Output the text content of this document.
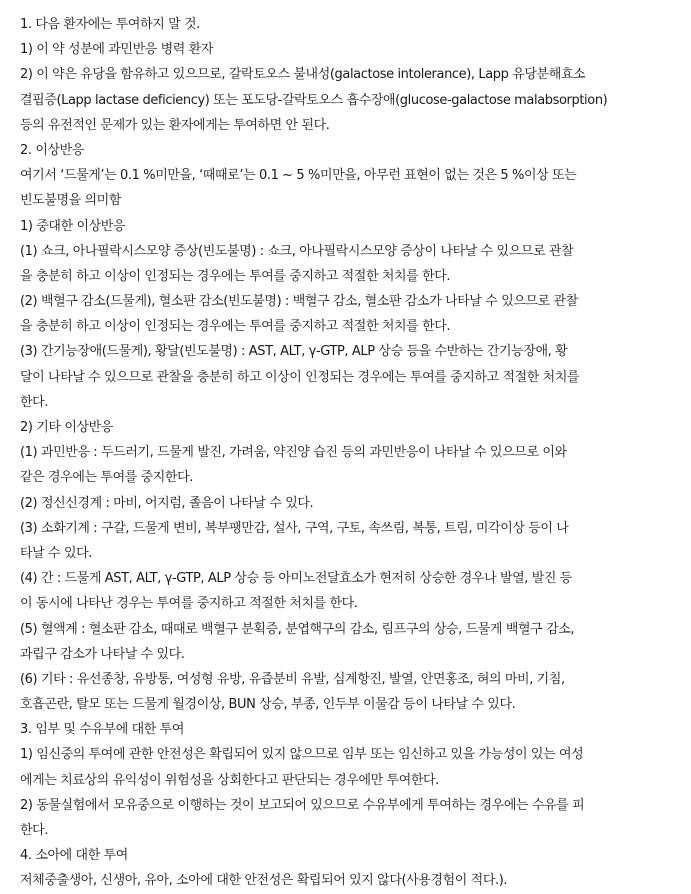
1. 다음 환자에는 투여하지 말 것.
1) 이 약 성분에 과민반응 병력 환자
2) 이 약은 유당을 함유하고 있으므로, 갈락토오스 불내성(galactose intolerance), Lapp 유당분해효소
결핍증(Lapp lactase deficiency) 또는 포도당-갈락토오스 흡수장애(glucose-galactose malabsorption)
등의 유전적인 문제가 있는 환자에게는 투여하면 안 된다.
2. 이상반응
여기서 ‘드물게’는 0.1 %미만을, ‘때때로’는 0.1 ~ 5 %미만을, 아무런 표현이 없는 것은 5 %이상 또는
빈도불명을 의미함
1) 중대한 이상반응
(1) 쇼크, 아나필락시스모양 증상(빈도불명) : 쇼크, 아나필락시스모양 증상이 나타날 수 있으므로 관찰
을 충분히 하고 이상이 인정되는 경우에는 투여를 중지하고 적절한 처치를 한다.
(2) 백혈구 감소(드물게), 혈소판 감소(빈도불명) : 백혈구 감소, 혈소판 감소가 나타날 수 있으므로 관찰
을 충분히 하고 이상이 인정되는 경우에는 투여를 중지하고 적절한 처치를 한다.
(3) 간기능장애(드물게), 황달(빈도불명) : AST, ALT, γ-GTP, ALP 상승 등을 수반하는 간기능장애, 황
달이 나타날 수 있으므로 관찰을 충분히 하고 이상이 인정되는 경우에는 투여를 중지하고 적절한 처치를
한다.
2) 기타 이상반응
(1) 과민반응 : 두드러기, 드물게 발진, 가려움, 약진양 습진 등의 과민반응이 나타날 수 있으므로 이와
같은 경우에는 투여를 중지한다.
(2) 정신신경계 : 마비, 어지럼, 졸음이 나타날 수 있다.
(3) 소화기계 : 구갈, 드물게 변비, 복부팽만감, 설사, 구역, 구토, 속쓰림, 복통, 트림, 미각이상 등이 나
타날 수 있다.
(4) 간 : 드물게 AST, ALT, γ-GTP, ALP 상승 등 아미노전달효소가 현저히 상승한 경우나 발열, 발진 등
이 동시에 나타난 경우는 투여를 중지하고 적절한 처치를 한다.
(5) 혈액계 : 혈소판 감소, 때때로 백혈구 분획증, 분엽핵구의 감소, 림프구의 상승, 드물게 백혈구 감소,
과립구 감소가 나타날 수 있다.
(6) 기타 : 유선종창, 유방통, 여성형 유방, 유즙분비 유발, 심계항진, 발열, 안면홍조, 혀의 마비, 기침,
호흡곤란, 탈모 또는 드물게 월경이상, BUN 상승, 부종, 인두부 이물감 등이 나타날 수 있다.
3. 임부 및 수유부에 대한 투여
1) 임신중의 투여에 관한 안전성은 확립되어 있지 않으므로 임부 또는 임신하고 있을 가능성이 있는 여성
에게는 치료상의 유익성이 위험성을 상회한다고 판단되는 경우에만 투여한다.
2) 동물실험에서 모유중으로 이행하는 것이 보고되어 있으므로 수유부에게 투여하는 경우에는 수유를 피
한다.
4. 소아에 대한 투여
저체중출생아, 신생아, 유아, 소아에 대한 안전성은 확립되어 있지 않다(사용경험이 적다.).
